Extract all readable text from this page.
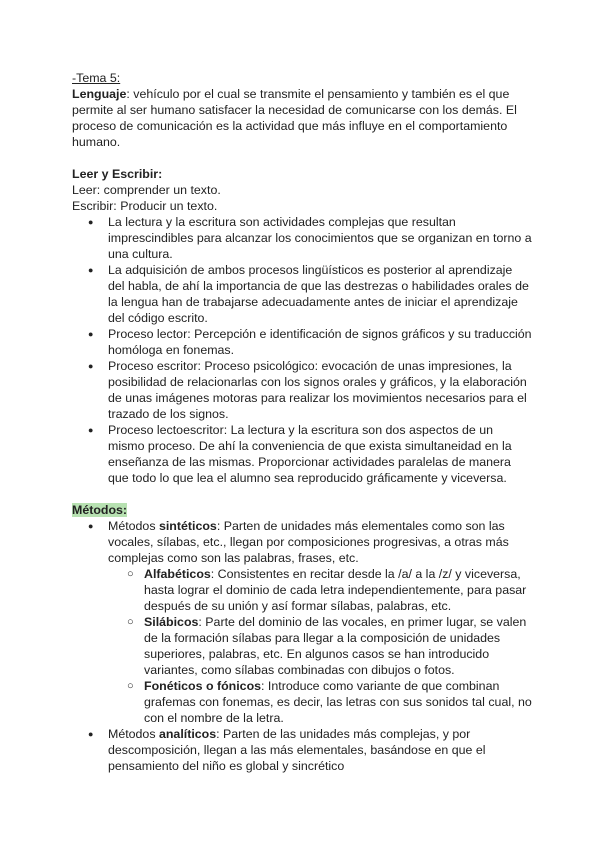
-Tema 5:

Lenguaje: vehículo por el cual se transmite el pensamiento y también es el que permite al ser humano satisfacer la necesidad de comunicarse con los demás. El proceso de comunicación es la actividad que más influye en el comportamiento humano.

Leer y Escribir:

Leer: comprender un texto.

Escribir: Producir un texto.

● La lectura y la escritura son actividades complejas que resultan imprescindibles para alcanzar los conocimientos que se organizan en torno a una cultura.
● La adquisición de ambos procesos lingüísticos es posterior al aprendizaje del habla, de ahí la importancia de que las destrezas o habilidades orales de la lengua han de trabajarse adecuadamente antes de iniciar el aprendizaje del código escrito.
● Proceso lector: Percepción e identificación de signos gráficos y su traducción homóloga en fonemas.
● Proceso escritor: Proceso psicológico: evocación de unas impresiones, la posibilidad de relacionarlas con los signos orales y gráficos, y la elaboración de unas imágenes motoras para realizar los movimientos necesarios para el trazado de los signos.
● Proceso lectoescritor: La lectura y la escritura son dos aspectos de un mismo proceso. De ahí la conveniencia de que exista simultaneidad en la enseñanza de las mismas. Proporcionar actividades paralelas de manera que todo lo que lea el alumno sea reproducido gráficamente y viceversa.

Métodos:

● Métodos sintéticos: Parten de unidades más elementales como son las vocales, sílabas, etc., llegan por composiciones progresivas, a otras más complejas como son las palabras, frases, etc.
○ Alfabéticos: Consistentes en recitar desde la /a/ a la /z/ y viceversa, hasta lograr el dominio de cada letra independientemente, para pasar después de su unión y así formar sílabas, palabras, etc.
○ Silábicos: Parte del dominio de las vocales, en primer lugar, se valen de la formación sílabas para llegar a la composición de unidades superiores, palabras, etc. En algunos casos se han introducido variantes, como sílabas combinadas con dibujos o fotos.
○ Fonéticos o fónicos: Introduce como variante de que combinan grafemas con fonemas, es decir, las letras con sus sonidos tal cual, no con el nombre de la letra.
● Métodos analíticos: Parten de las unidades más complejas, y por descomposición, llegan a las más elementales, basándose en que el pensamiento del niño es global y sincrético
